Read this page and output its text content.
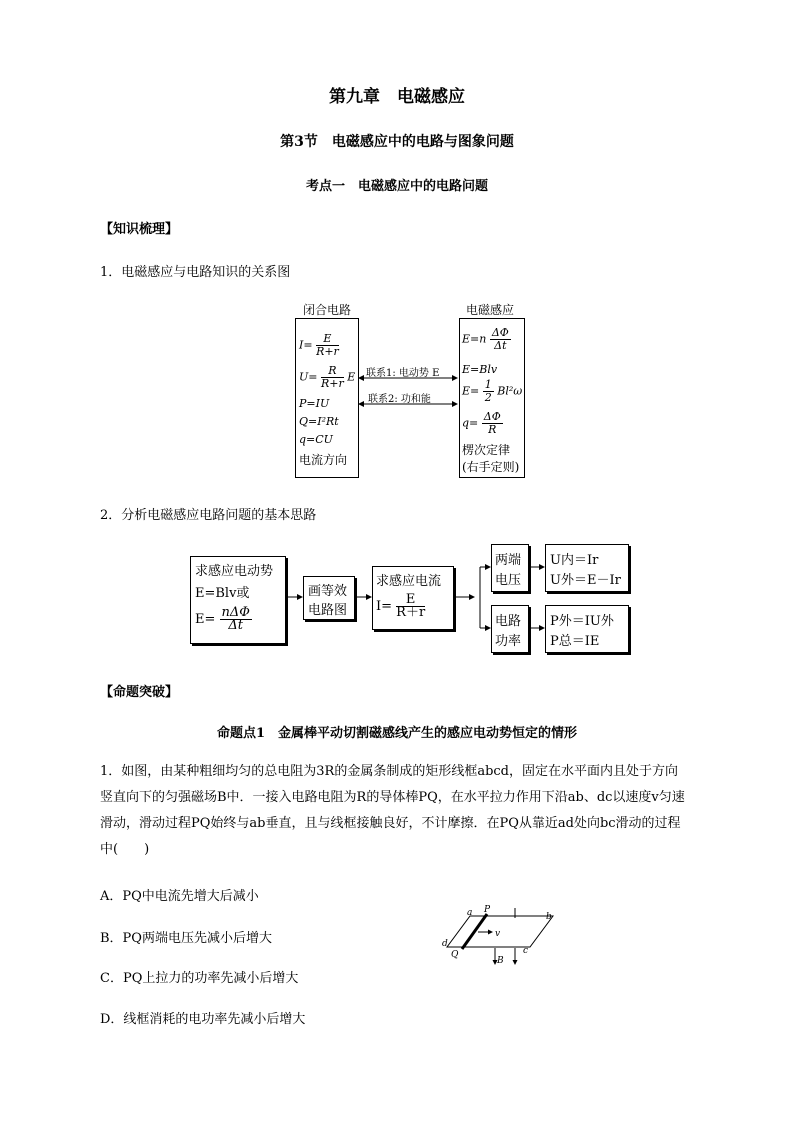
第九章　电磁感应
第3节　电磁感应中的电路与图象问题
考点一　电磁感应中的电路问题
【知识梳理】
1．电磁感应与电路知识的关系图
闭合电路	电磁感应
$I= \frac{E}{R+r}$
$U= \frac{R}{R+r}$ E
P=IU
Q=I²Rt
q=CU
电流方向
$E=n \frac{\Delta\Phi}{\Delta t}$
E=Blv
$E= \frac{1}{2} Bl^2\omega$
$q= \frac{\Delta\Phi}{R}$
楞次定律
(右手定则)
联系1: 电动势 E
联系2: 功和能
2．分析电磁感应电路问题的基本思路
求感应电动势
E=Blv或
$E= \frac{\text{nΔΦ}}{\Delta t}$
画等效
电路图
求感应电流
$I= \frac{E}{R+r}$
两端
电压
电路
功率
U内＝Ir
U外＝E－Ir
P外＝IU外
P总＝IE
【命题突破】
命题点1　金属棒平动切割磁感线产生的感应电动势恒定的情形
1．如图，由某种粗细均匀的总电阻为3R的金属条制成的矩形线框abcd，固定在水平面内且处于方向
竖直向下的匀强磁场B中．一接入电路电阻为R的导体棒PQ，在水平拉力作用下沿ab、dc以速度v匀速
滑动，滑动过程PQ始终与ab垂直，且与线框接触良好，不计摩擦．在PQ从靠近ad处向bc滑动的过程
中(　　)
A．PQ中电流先增大后减小
B．PQ两端电压先减小后增大
C．PQ上拉力的功率先减小后增大
D．线框消耗的电功率先减小后增大
a P
b
d
Q	c
v
B
